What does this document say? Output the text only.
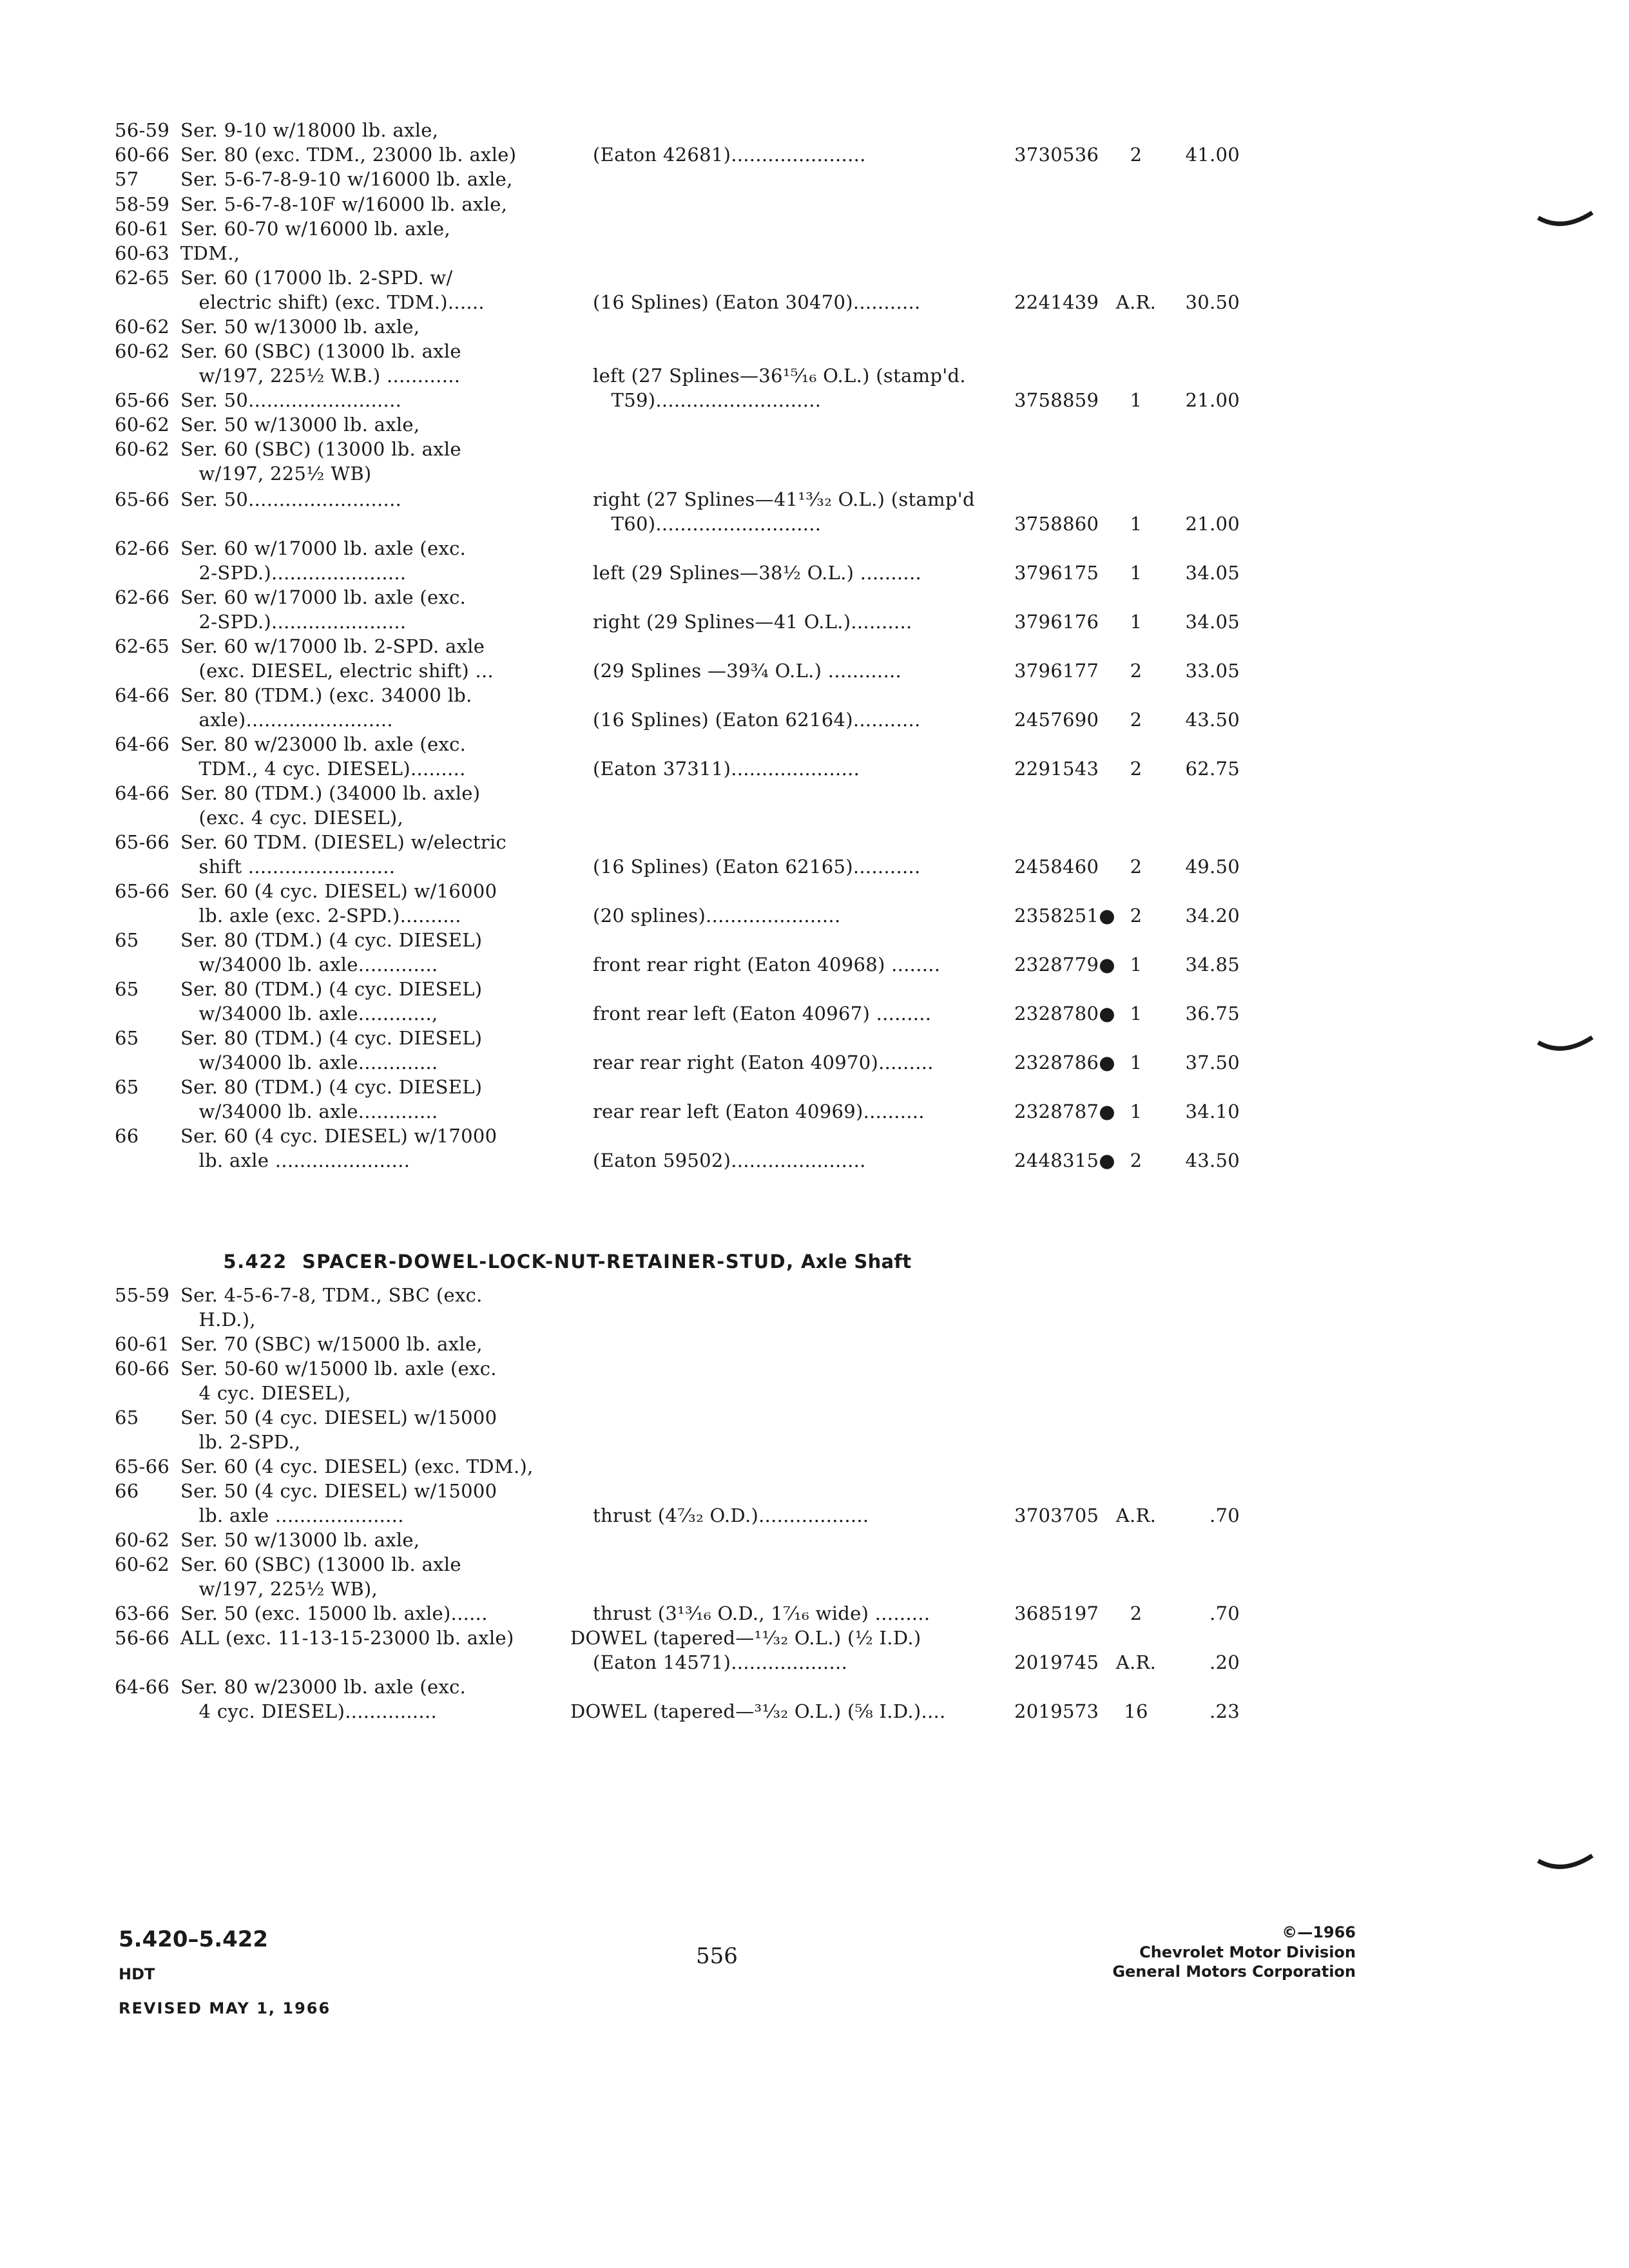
56-59 Ser. 9-10 w/18000 lb. axle,
60-66 Ser. 80 (exc. TDM., 23000 lb. axle)	(Eaton 42681)......................	3730536	2	41.00
57 Ser. 5-6-7-8-9-10 w/16000 lb. axle,
58-59 Ser. 5-6-7-8-10F w/16000 lb. axle,
60-61 Ser. 60-70 w/16000 lb. axle,
60-63 TDM.,
62-65 Ser. 60 (17000 lb. 2-SPD. w/
electric shift) (exc. TDM.)......	(16 Splines) (Eaton 30470)...........	2241439 A.R.	30.50
60-62 Ser. 50 w/13000 lb. axle,
60-62 Ser. 60 (SBC) (13000 lb. axle
w/197, 225½ W.B.) ............	left (27 Splines—36¹⁵⁄₁₆ O.L.) (stamp'd.
65-66 Ser. 50.........................	T59)...........................	3758859	1	21.00
60-62 Ser. 50 w/13000 lb. axle,
60-62 Ser. 60 (SBC) (13000 lb. axle
w/197, 225½ WB)
65-66 Ser. 50.........................	right (27 Splines—41¹³⁄₃₂ O.L.) (stamp'd
T60)...........................	3758860	1	21.00
62-66 Ser. 60 w/17000 lb. axle (exc.
2-SPD.)......................	left (29 Splines—38½ O.L.) ..........	3796175	1	34.05
62-66 Ser. 60 w/17000 lb. axle (exc.
2-SPD.)......................	right (29 Splines—41 O.L.)..........	3796176	1	34.05
62-65 Ser. 60 w/17000 lb. 2-SPD. axle
(exc. DIESEL, electric shift) ...	(29 Splines —39¾ O.L.) ............	3796177	2	33.05
64-66 Ser. 80 (TDM.) (exc. 34000 lb.
axle)........................	(16 Splines) (Eaton 62164)...........	2457690	2	43.50
64-66 Ser. 80 w/23000 lb. axle (exc.
TDM., 4 cyc. DIESEL).........	(Eaton 37311).....................	2291543	2	62.75
64-66 Ser. 80 (TDM.) (34000 lb. axle)
(exc. 4 cyc. DIESEL),
65-66 Ser. 60 TDM. (DIESEL) w/electric
shift ........................	(16 Splines) (Eaton 62165)...........	2458460	2	49.50
65-66 Ser. 60 (4 cyc. DIESEL) w/16000
lb. axle (exc. 2-SPD.)..........	(20 splines)......................	2358251● 2	34.20
65 Ser. 80 (TDM.) (4 cyc. DIESEL)
w/34000 lb. axle.............	front rear right (Eaton 40968) ........	2328779● 1	34.85
65 Ser. 80 (TDM.) (4 cyc. DIESEL)
w/34000 lb. axle............,	front rear left (Eaton 40967) .........	2328780● 1	36.75
65 Ser. 80 (TDM.) (4 cyc. DIESEL)
w/34000 lb. axle.............	rear rear right (Eaton 40970).........	2328786● 1	37.50
65 Ser. 80 (TDM.) (4 cyc. DIESEL)
w/34000 lb. axle.............	rear rear left (Eaton 40969)..........	2328787● 1	34.10
66 Ser. 60 (4 cyc. DIESEL) w/17000
lb. axle ......................	(Eaton 59502)......................	2448315● 2	43.50

5.422  SPACER-DOWEL-LOCK-NUT-RETAINER-STUD, Axle Shaft

55-59 Ser. 4-5-6-7-8, TDM., SBC (exc.
H.D.),
60-61 Ser. 70 (SBC) w/15000 lb. axle,
60-66 Ser. 50-60 w/15000 lb. axle (exc.
4 cyc. DIESEL),
65 Ser. 50 (4 cyc. DIESEL) w/15000
lb. 2-SPD.,
65-66 Ser. 60 (4 cyc. DIESEL) (exc. TDM.),
66 Ser. 50 (4 cyc. DIESEL) w/15000
lb. axle .....................	thrust (4⁷⁄₃₂ O.D.)..................	3703705 A.R.	.70
60-62 Ser. 50 w/13000 lb. axle,
60-62 Ser. 60 (SBC) (13000 lb. axle
w/197, 225½ WB),
63-66 Ser. 50 (exc. 15000 lb. axle)......	thrust (3¹³⁄₁₆ O.D., 1⁷⁄₁₆ wide) .........	3685197	2	.70
56-66 ALL (exc. 11-13-15-23000 lb. axle)	DOWEL (tapered—¹¹⁄₃₂ O.L.) (½ I.D.)
(Eaton 14571)...................	2019745 A.R.	.20
64-66 Ser. 80 w/23000 lb. axle (exc.
4 cyc. DIESEL)...............	DOWEL (tapered—³¹⁄₃₂ O.L.) (⅝ I.D.)....	2019573	16	.23
5.420–5.422
HDT
REVISED MAY 1, 1966
556
©—1966
Chevrolet Motor Division
General Motors Corporation
